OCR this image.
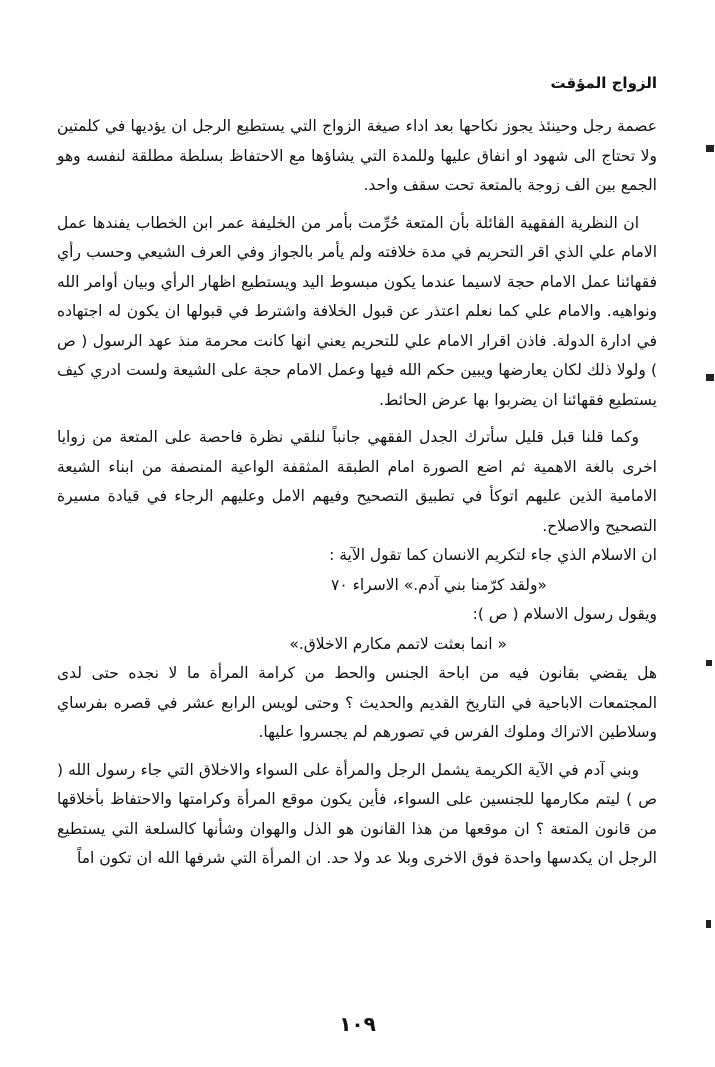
الزواج المؤقت

عصمة رجل وحينئذ يجوز نكاحها بعد اداء صيغة الزواج التي يستطيع الرجل ان يؤديها في كلمتين ولا تحتاج الى شهود او انفاق عليها وللمدة التي يشاؤها مع الاحتفاظ بسلطة مطلقة لنفسه وهو الجمع بين الف زوجة بالمتعة تحت سقف واحد.

ان النظرية الفقهية القائلة بأن المتعة حُرِّمت بأمر من الخليفة عمر ابن الخطاب يفندها عمل الامام علي الذي اقر التحريم في مدة خلافته ولم يأمر بالجواز وفي العرف الشيعي وحسب رأي فقهائنا عمل الامام حجة لاسيما عندما يكون مبسوط اليد ويستطيع اظهار الرأي وبيان أوامر الله ونواهيه. والامام علي كما نعلم اعتذر عن قبول الخلافة واشترط في قبولها ان يكون له اجتهاده في ادارة الدولة. فاذن اقرار الامام علي للتحريم يعني انها كانت محرمة منذ عهد الرسول ( ص ) ولولا ذلك لكان يعارضها ويبين حكم الله فيها وعمل الامام حجة على الشيعة ولست ادري كيف يستطيع فقهائنا ان يضربوا بها عرض الحائط.

وكما قلنا قبل قليل سأترك الجدل الفقهي جانباً لنلقي نظرة فاحصة على المتعة من زوايا اخرى بالغة الاهمية ثم اضع الصورة امام الطبقة المثقفة الواعية المنصفة من ابناء الشيعة الامامية الذين عليهم اتوكأ في تطبيق التصحيح وفيهم الامل وعليهم الرجاء في قيادة مسيرة التصحيح والاصلاح.

ان الاسلام الذي جاء لتكريم الانسان كما تقول الآية :

«ولقد كرّمنا بني آدم.» الاسراء ٧٠

ويقول رسول الاسلام ( ص ):

« انما بعثت لاتمم مكارم الاخلاق.»

هل يقضي بقانون فيه من اباحة الجنس والحط من كرامة المرأة ما لا نجده حتى لدى المجتمعات الاباحية في التاريخ القديم والحديث ؟ وحتى لويس الرابع عشر في قصره بفرساي وسلاطين الاتراك وملوك الفرس في تصورهم لم يجسروا عليها.

وبني آدم في الآية الكريمة يشمل الرجل والمرأة على السواء والاخلاق التي جاء رسول الله ( ص ) ليتم مكارمها للجنسين على السواء، فأين يكون موقع المرأة وكرامتها والاحتفاظ بأخلاقها من قانون المتعة ؟ ان موقعها من هذا القانون هو الذل والهوان وشأنها كالسلعة التي يستطيع الرجل ان يكدسها واحدة فوق الاخرى وبلا عد ولا حد. ان المرأة التي شرفها الله ان تكون اماً

١٠٩
